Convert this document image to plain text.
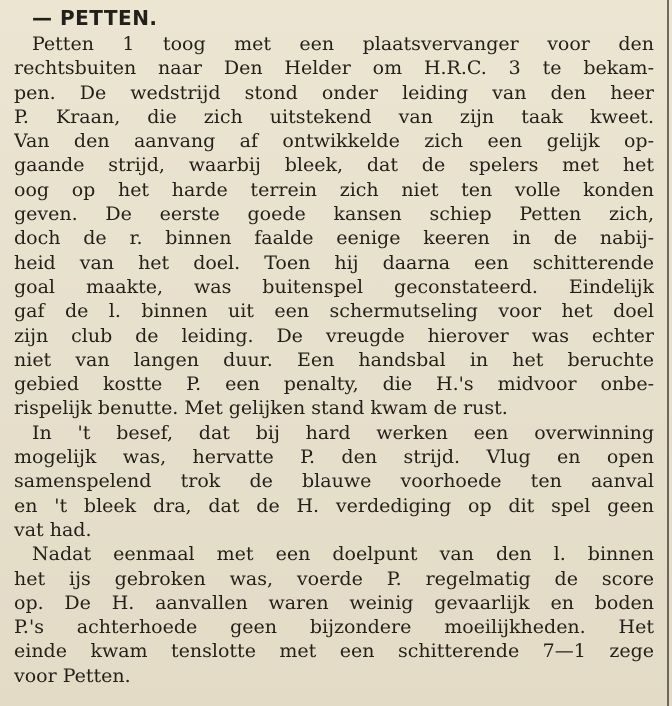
— PETTEN.
Petten 1 toog met een plaatsvervanger voor den
rechtsbuiten naar Den Helder om H.R.C. 3 te bekam-
pen. De wedstrijd stond onder leiding van den heer
P. Kraan, die zich uitstekend van zijn taak kweet.
Van den aanvang af ontwikkelde zich een gelijk op-
gaande strijd, waarbij bleek, dat de spelers met het
oog op het harde terrein zich niet ten volle konden
geven. De eerste goede kansen schiep Petten zich,
doch de r. binnen faalde eenige keeren in de nabij-
heid van het doel. Toen hij daarna een schitterende
goal maakte, was buitenspel geconstateerd. Eindelijk
gaf de l. binnen uit een schermutseling voor het doel
zijn club de leiding. De vreugde hierover was echter
niet van langen duur. Een handsbal in het beruchte
gebied kostte P. een penalty, die H.'s midvoor onbe-
rispelijk benutte. Met gelijken stand kwam de rust.
In 't besef, dat bij hard werken een overwinning
mogelijk was, hervatte P. den strijd. Vlug en open
samenspelend trok de blauwe voorhoede ten aanval
en 't bleek dra, dat de H. verdediging op dit spel geen
vat had.
Nadat eenmaal met een doelpunt van den l. binnen
het ijs gebroken was, voerde P. regelmatig de score
op. De H. aanvallen waren weinig gevaarlijk en boden
P.'s achterhoede geen bijzondere moeilijkheden. Het
einde kwam tenslotte met een schitterende 7—1 zege
voor Petten.
